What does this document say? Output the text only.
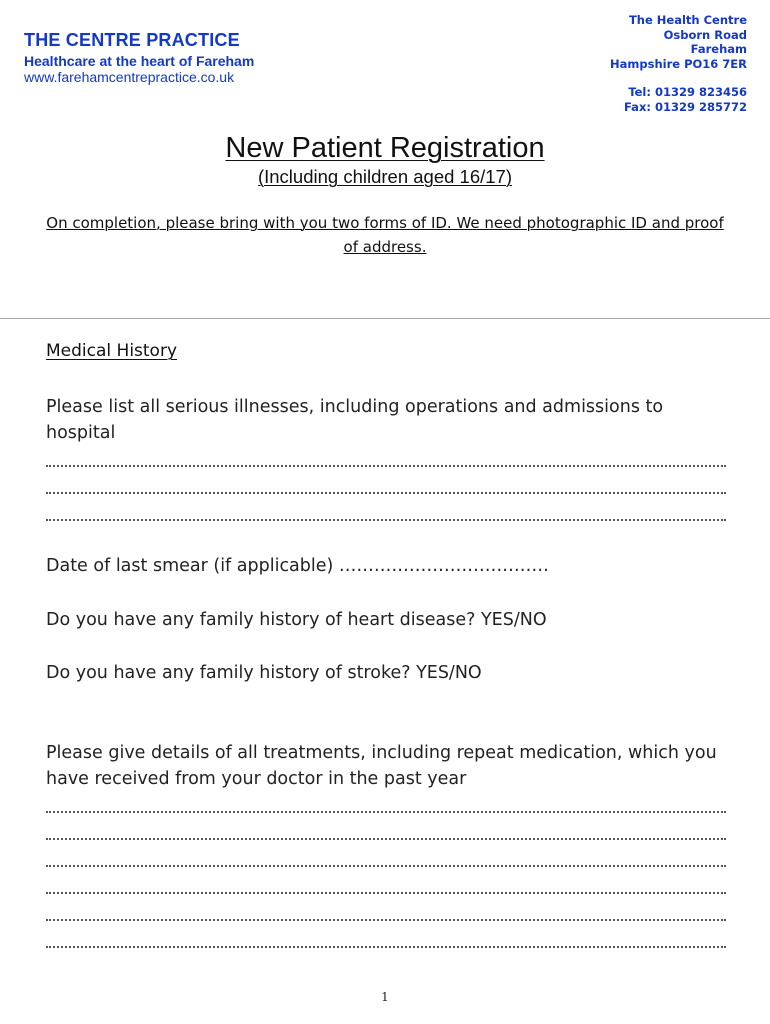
THE CENTRE PRACTICE
Healthcare at the heart of Fareham
www.farehamcentrepractice.co.uk
The Health Centre
Osborn Road
Fareham
Hampshire PO16 7ER
Tel: 01329 823456
Fax: 01329 285772
New Patient Registration
(Including children aged 16/17)
On completion, please bring with you two forms of ID. We need photographic ID and proof of address.
Medical History
Please list all serious illnesses, including operations and admissions to hospital
Date of last smear (if applicable) ………………………………
Do you have any family history of heart disease? YES/NO
Do you have any family history of stroke? YES/NO
Please give details of all treatments, including repeat medication, which you have received from your doctor in the past year
1
